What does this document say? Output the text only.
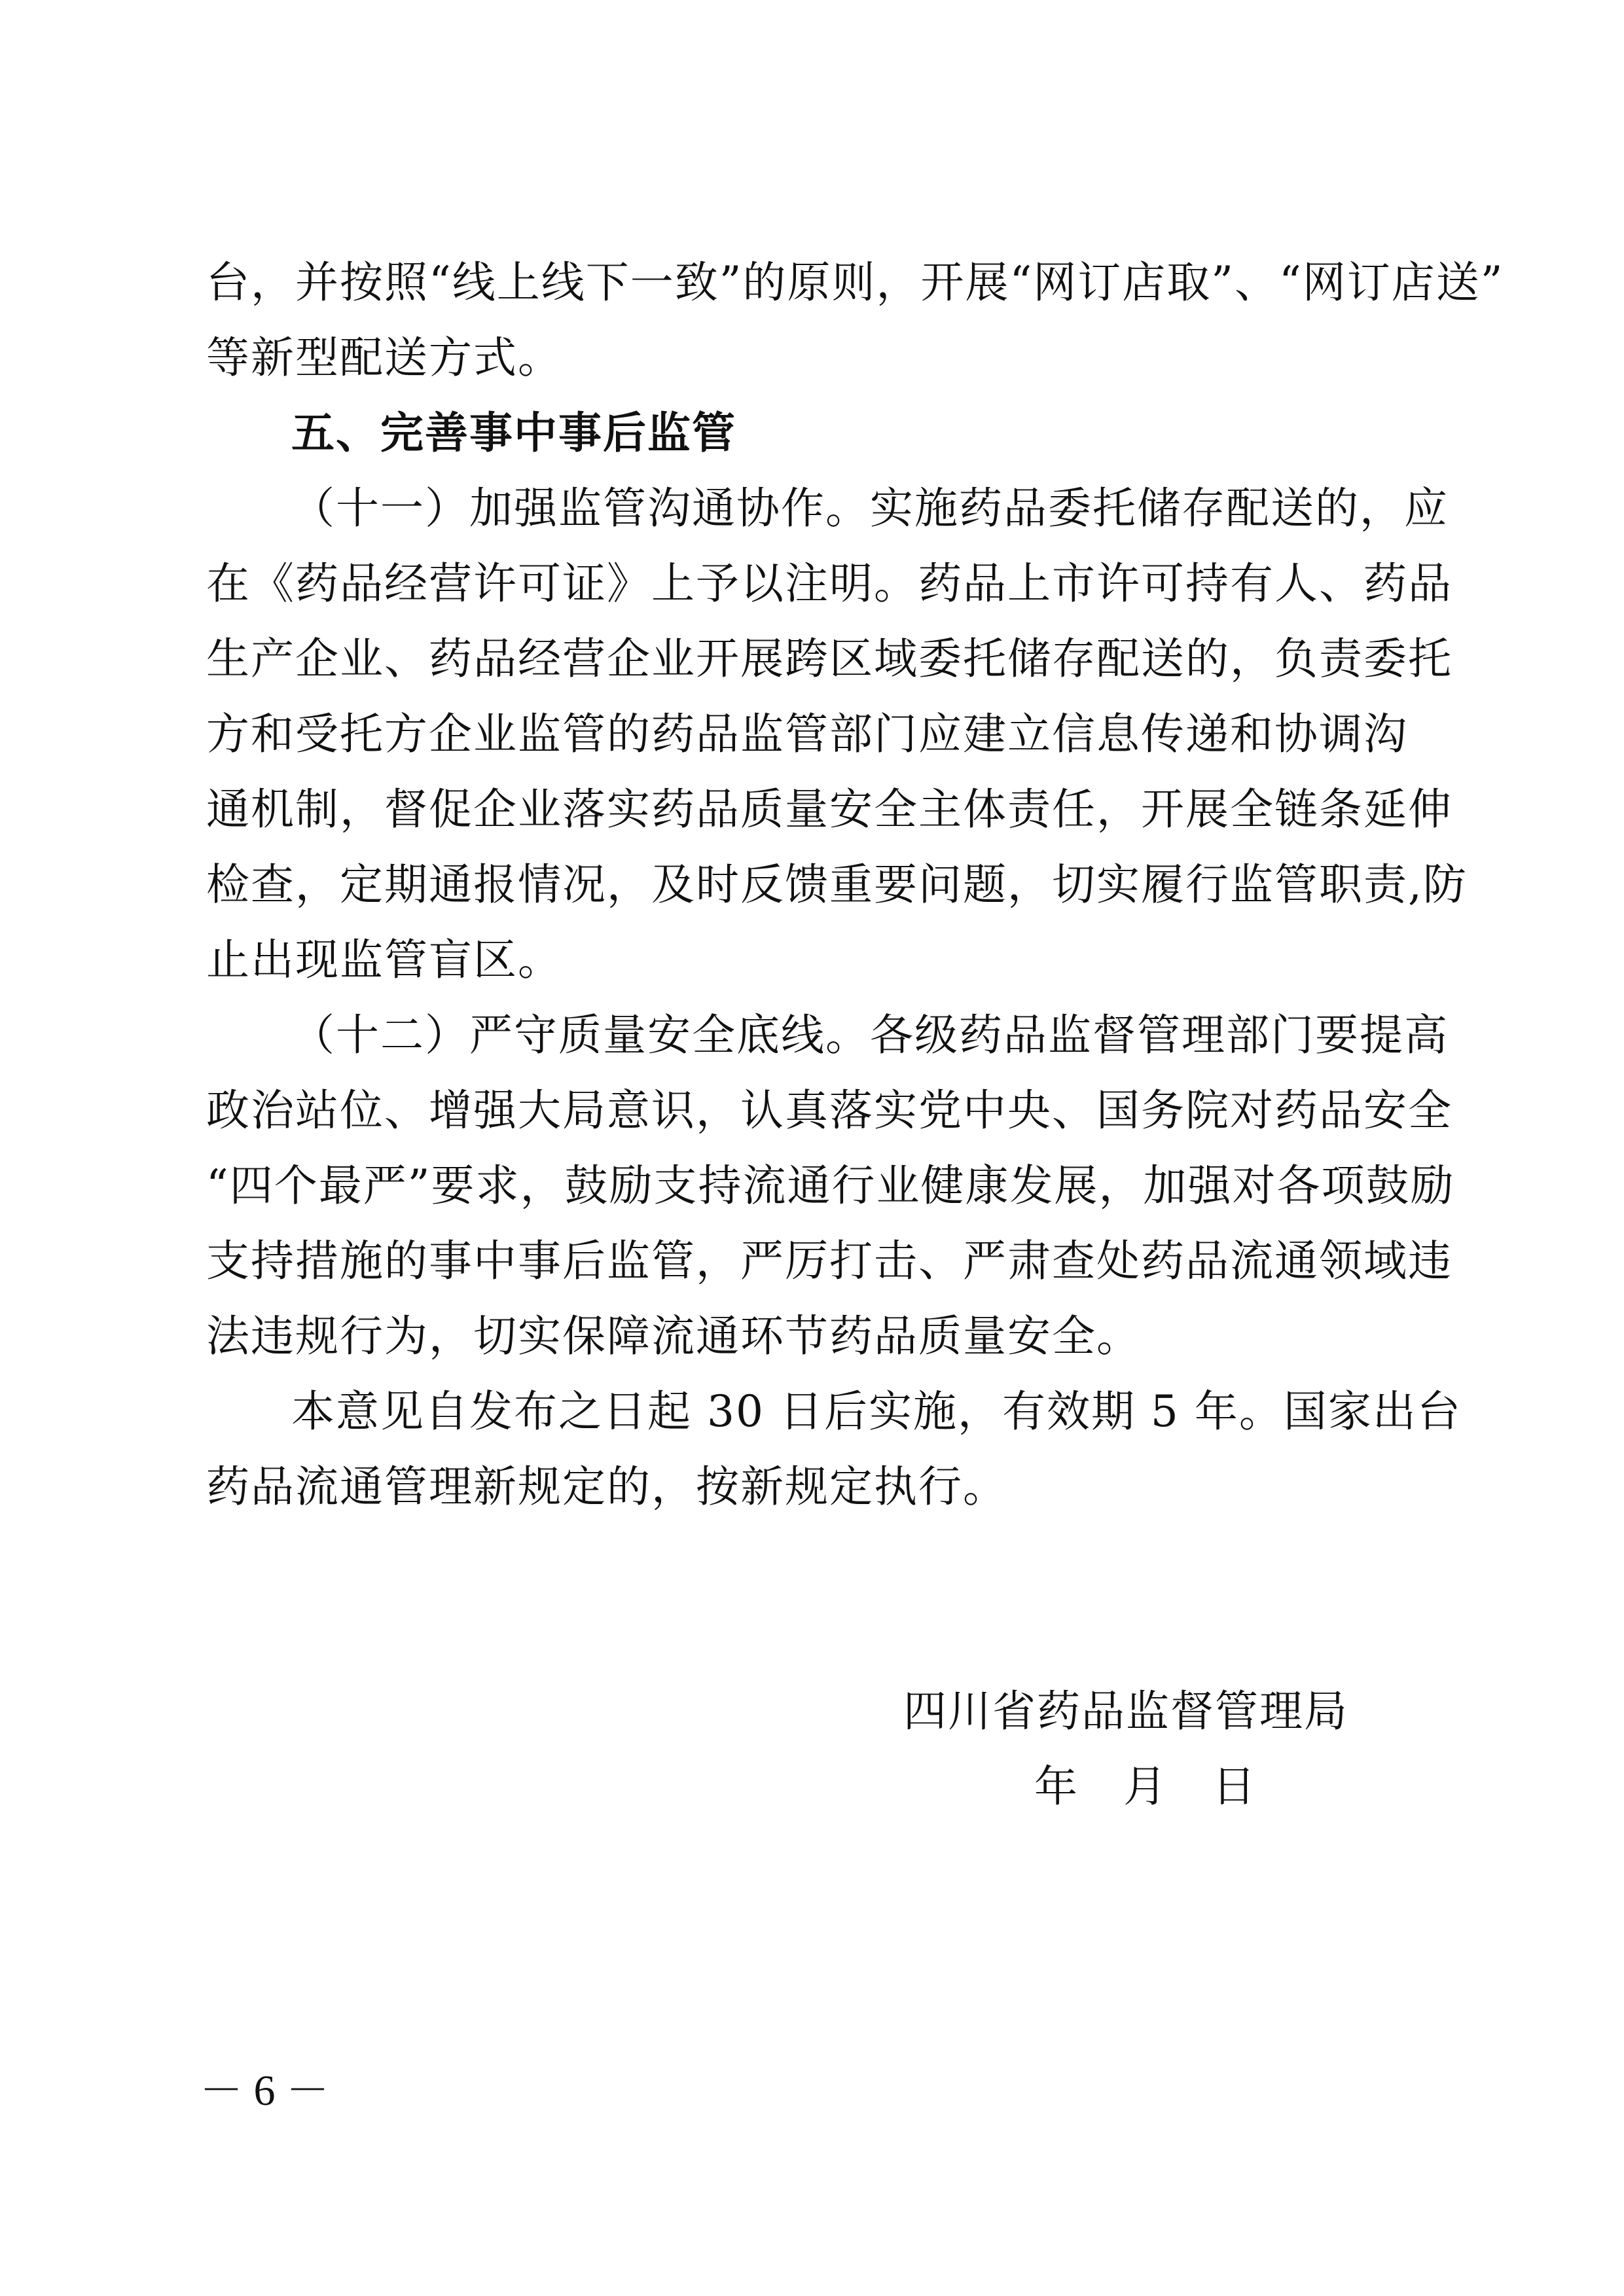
台，并按照“线上线下一致”的原则，开展“网订店取”、“网订店送”
等新型配送方式。
五、完善事中事后监管
（十一）加强监管沟通协作。实施药品委托储存配送的，应
在《药品经营许可证》上予以注明。药品上市许可持有人、药品
生产企业、药品经营企业开展跨区域委托储存配送的，负责委托
方和受托方企业监管的药品监管部门应建立信息传递和协调沟
通机制，督促企业落实药品质量安全主体责任，开展全链条延伸
检查，定期通报情况，及时反馈重要问题，切实履行监管职责,防
止出现监管盲区。
（十二）严守质量安全底线。各级药品监督管理部门要提高
政治站位、增强大局意识，认真落实党中央、国务院对药品安全
“四个最严”要求，鼓励支持流通行业健康发展，加强对各项鼓励
支持措施的事中事后监管，严厉打击、严肃查处药品流通领域违
法违规行为，切实保障流通环节药品质量安全。
本意见自发布之日起 30 日后实施，有效期 5 年。国家出台
药品流通管理新规定的，按新规定执行。
四川省药品监督管理局
年　月　日
－ 6 －
